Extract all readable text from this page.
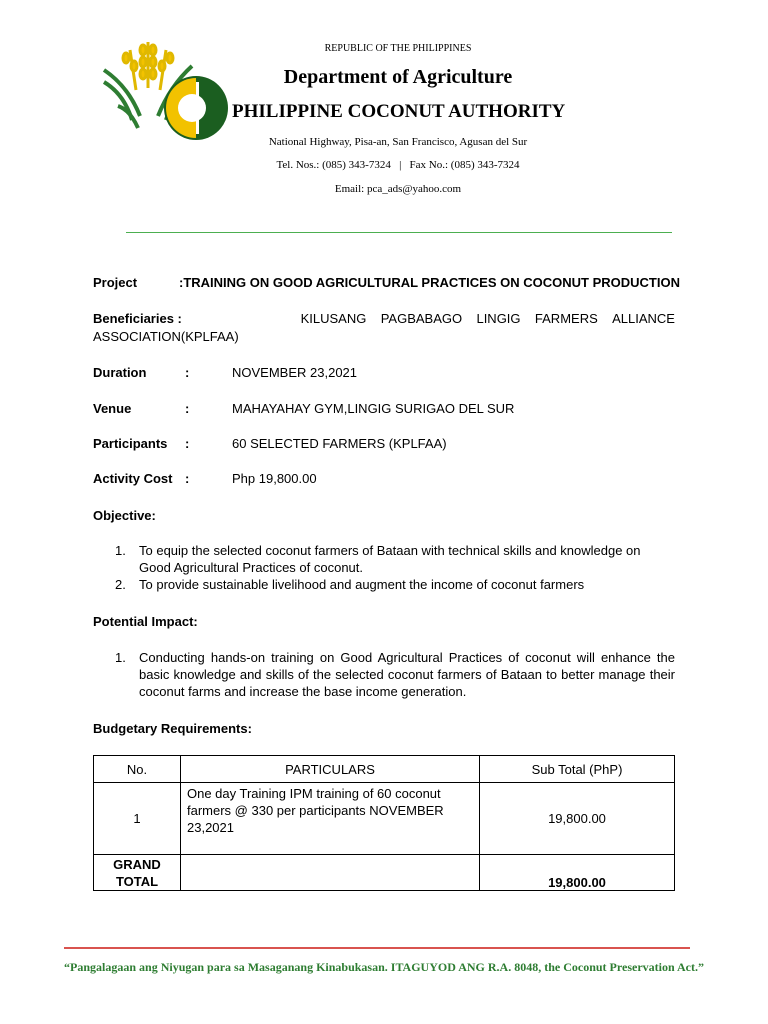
REPUBLIC OF THE PHILIPPINES
Department of Agriculture
PHILIPPINE COCONUT AUTHORITY
National Highway, Pisa-an, San Francisco, Agusan del Sur
Tel. Nos.: (085) 343-7324   |   Fax No.: (085) 343-7324
Email: pca_ads@yahoo.com
Project	:TRAINING ON GOOD AGRICULTURAL PRACTICES ON COCONUT PRODUCTION
Beneficiaries :	KILUSANG PAGBABAGO LINGIG FARMERS ALLIANCE
ASSOCIATION(KPLFAA)
Duration	:	NOVEMBER 23,2021
Venue	:	MAHAYAHAY GYM,LINGIG SURIGAO DEL SUR
Participants :	60 SELECTED FARMERS (KPLFAA)
Activity Cost :	Php 19,800.00
Objective:
1. To equip the selected coconut farmers of Bataan with technical skills and knowledge on Good Agricultural Practices of coconut.
2. To provide sustainable livelihood and augment the income of coconut farmers
Potential Impact:
1. Conducting hands-on training on Good Agricultural Practices of coconut will enhance the basic knowledge and skills of the selected coconut farmers of Bataan to better manage their coconut farms and increase the base income generation.
Budgetary Requirements:
No.	PARTICULARS	Sub Total (PhP)
1	One day Training IPM training of 60 coconut farmers @ 330 per participants NOVEMBER 23,2021	19,800.00
GRAND TOTAL		19,800.00
“Pangalagaan ang Niyugan para sa Masaganang Kinabukasan. ITAGUYOD ANG R.A. 8048, the Coconut Preservation Act.”
